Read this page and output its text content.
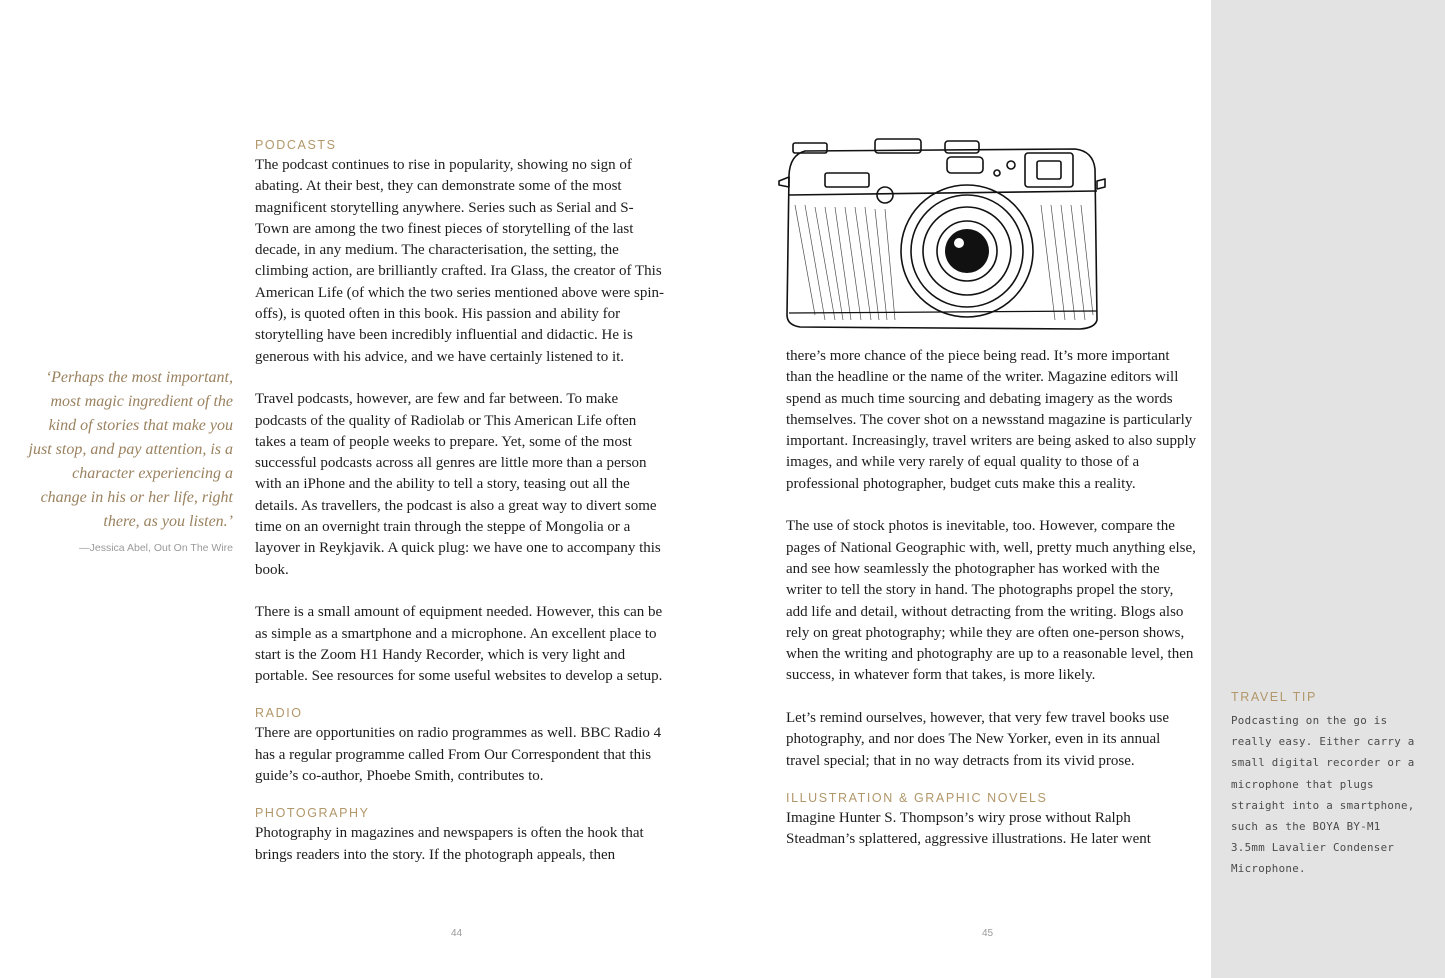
PODCASTS

The podcast continues to rise in popularity, showing no sign of abating. At their best, they can demonstrate some of the most magnificent storytelling anywhere. Series such as Serial and S-Town are among the two finest pieces of storytelling of the last decade, in any medium. The characterisation, the setting, the climbing action, are brilliantly crafted. Ira Glass, the creator of This American Life (of which the two series mentioned above were spin-offs), is quoted often in this book. His passion and ability for storytelling have been incredibly influential and didactic. He is generous with his advice, and we have certainly listened to it.

Travel podcasts, however, are few and far between. To make podcasts of the quality of Radiolab or This American Life often takes a team of people weeks to prepare. Yet, some of the most successful podcasts across all genres are little more than a person with an iPhone and the ability to tell a story, teasing out all the details. As travellers, the podcast is also a great way to divert some time on an overnight train through the steppe of Mongolia or a layover in Reykjavik. A quick plug: we have one to accompany this book.

There is a small amount of equipment needed. However, this can be as simple as a smartphone and a microphone. An excellent place to start is the Zoom H1 Handy Recorder, which is very light and portable. See resources for some useful websites to develop a setup.

RADIO

There are opportunities on radio programmes as well. BBC Radio 4 has a regular programme called From Our Correspondent that this guide’s co-author, Phoebe Smith, contributes to.

PHOTOGRAPHY

Photography in magazines and newspapers is often the hook that brings readers into the story. If the photograph appeals, then

‘Perhaps the most important, most magic ingredient of the kind of stories that make you just stop, and pay attention, is a character experiencing a change in his or her life, right there, as you listen.’
—Jessica Abel, Out On The Wire
44

there’s more chance of the piece being read. It’s more important than the headline or the name of the writer. Magazine editors will spend as much time sourcing and debating imagery as the words themselves. The cover shot on a newsstand magazine is particularly important. Increasingly, travel writers are being asked to also supply images, and while very rarely of equal quality to those of a professional photographer, budget cuts make this a reality.

The use of stock photos is inevitable, too. However, compare the pages of National Geographic with, well, pretty much anything else, and see how seamlessly the photographer has worked with the writer to tell the story in hand. The photographs propel the story, add life and detail, without detracting from the writing. Blogs also rely on great photography; while they are often one-person shows, when the writing and photography are up to a reasonable level, then success, in whatever form that takes, is more likely.

Let’s remind ourselves, however, that very few travel books use photography, and nor does The New Yorker, even in its annual travel special; that in no way detracts from its vivid prose.

ILLUSTRATION & GRAPHIC NOVELS

Imagine Hunter S. Thompson’s wiry prose without Ralph Steadman’s splattered, aggressive illustrations. He later went

45
TRAVEL TIP
Podcasting on the go is really easy. Either carry a small digital recorder or a microphone that plugs straight into a smartphone, such as the BOYA BY-M1 3.5mm Lavalier Condenser Microphone.
